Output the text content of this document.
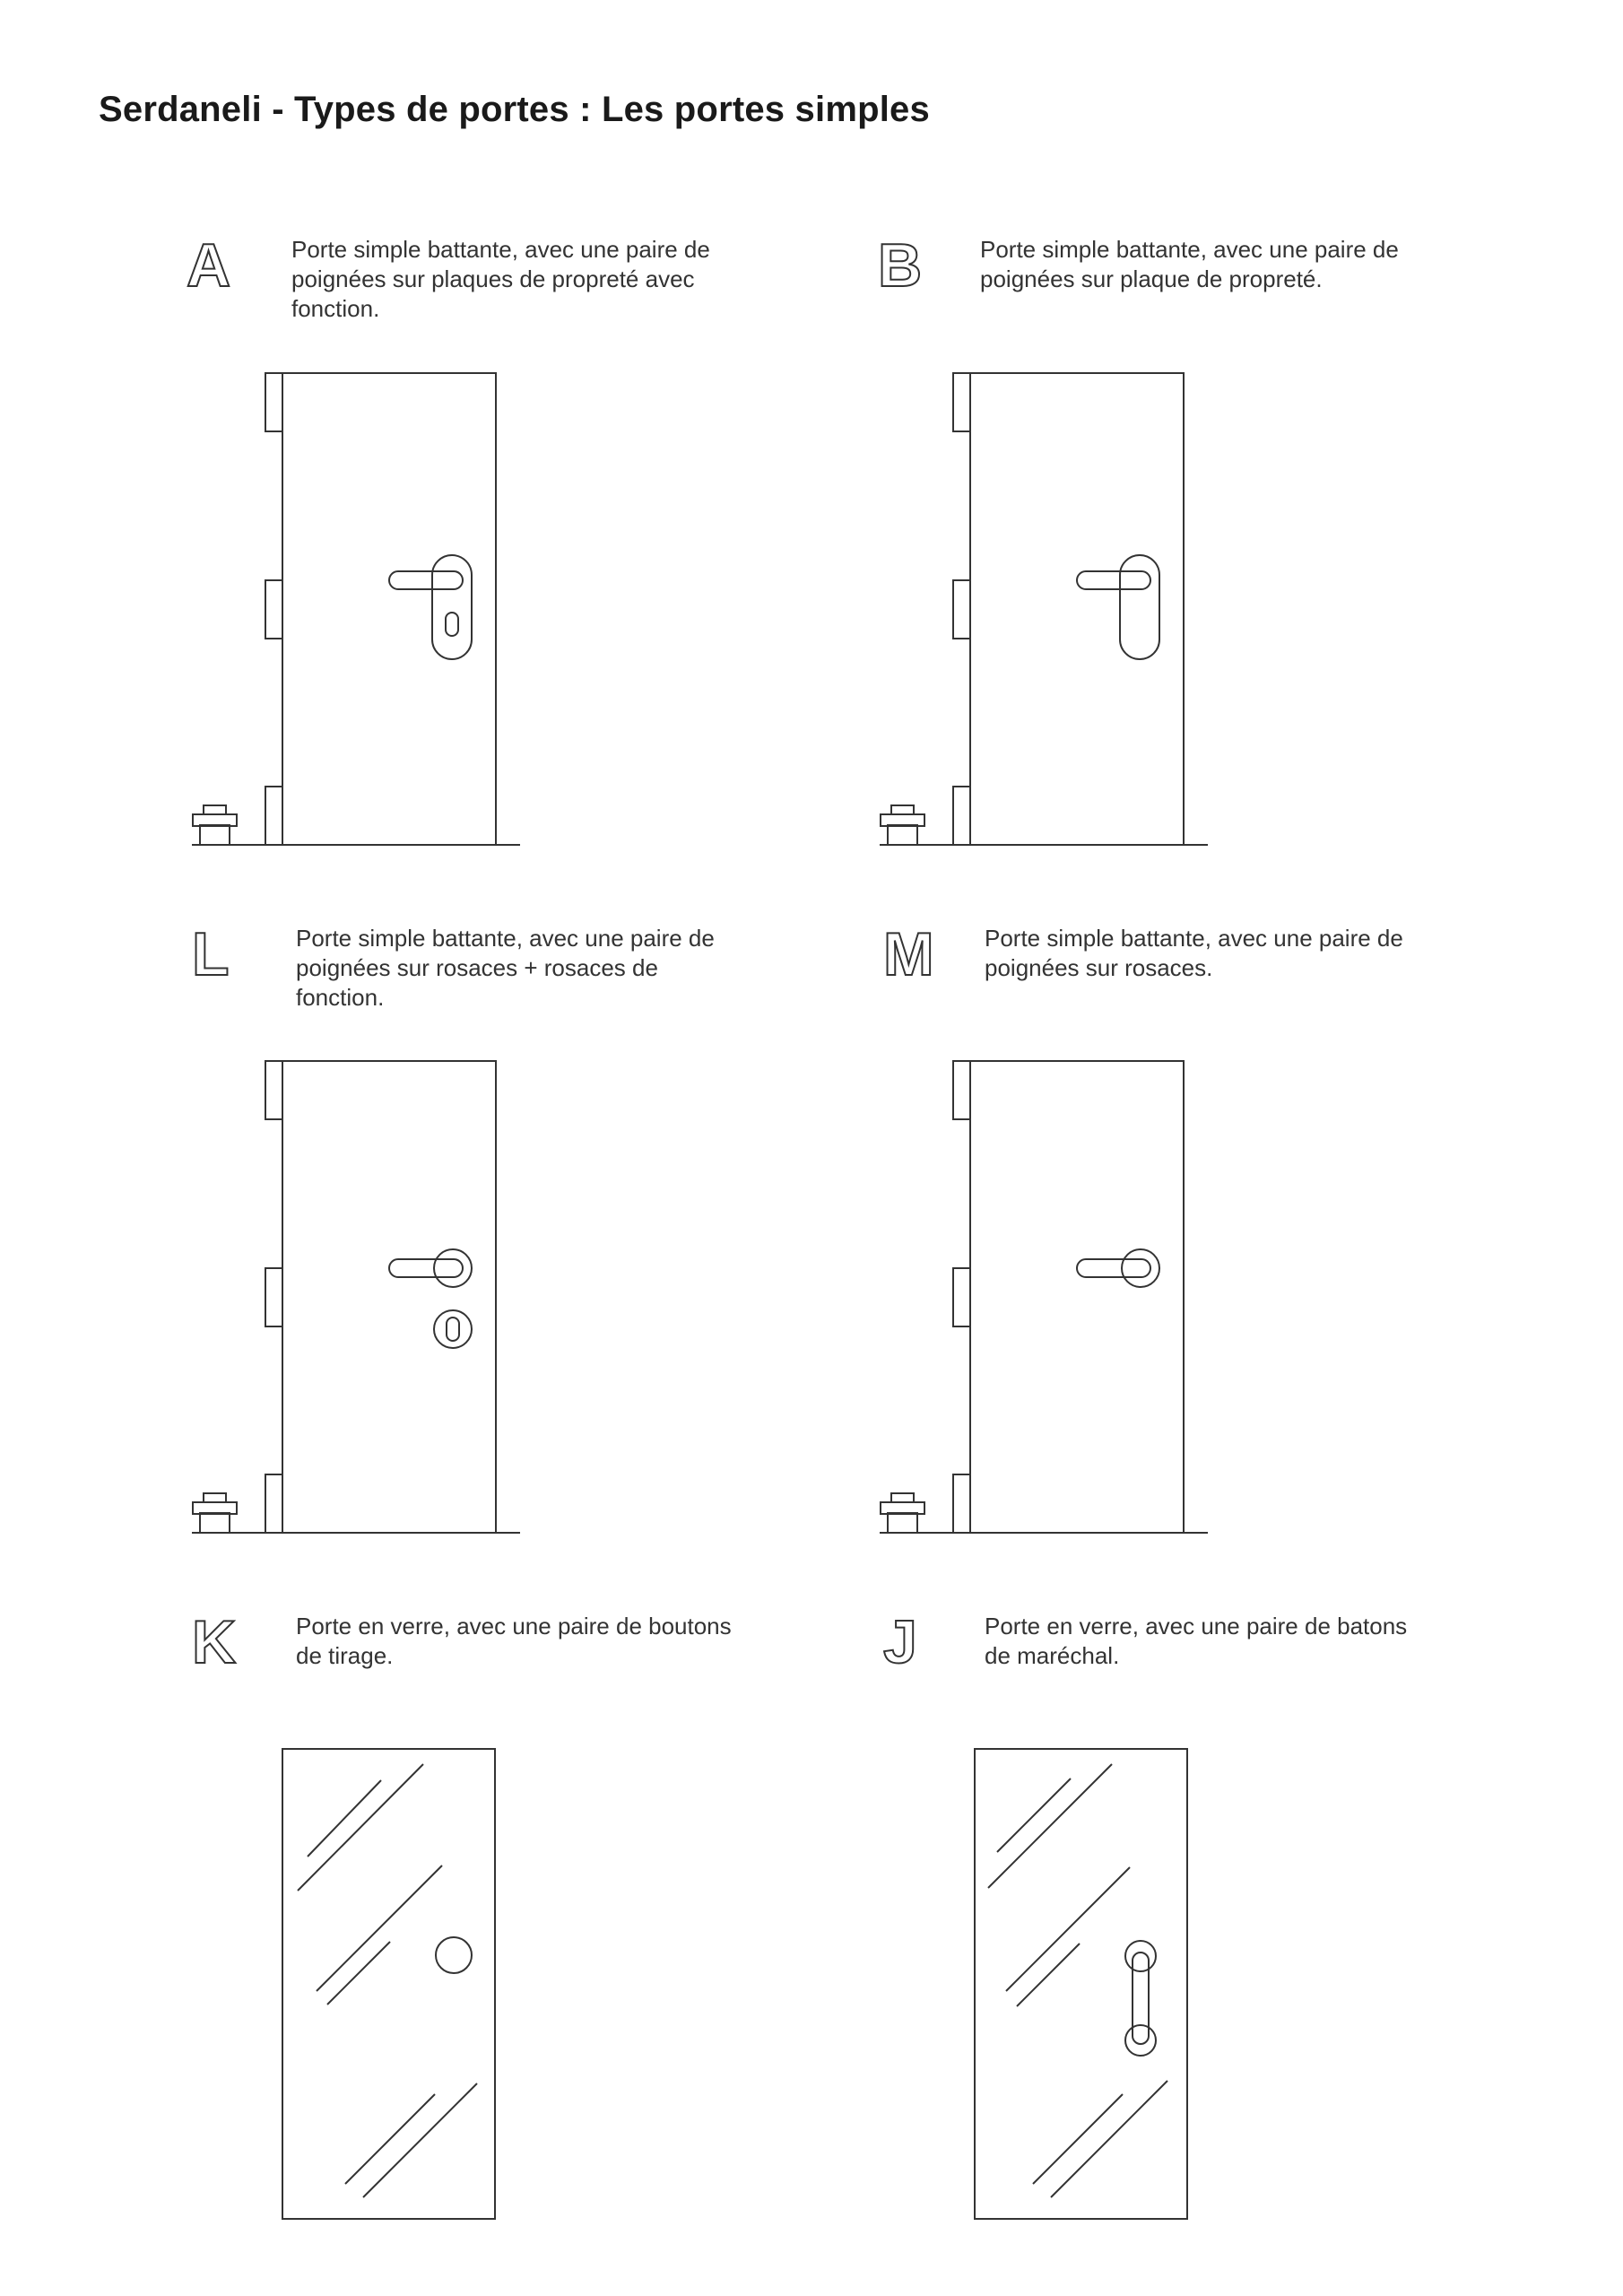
Serdaneli - Types de portes : Les portes simples
A	Porte simple battante, avec une paire de poignées sur plaques de propreté avec fonction.
B Porte simple battante, avec une paire de poignées sur plaque de propreté.
L	Porte simple battante, avec une paire de poignées sur rosaces + rosaces de fonction.
M Porte simple battante, avec une paire de poignées sur rosaces.
K	Porte en verre, avec une paire de boutons de tirage.	J	Porte en verre, avec une paire de batons de maréchal.
